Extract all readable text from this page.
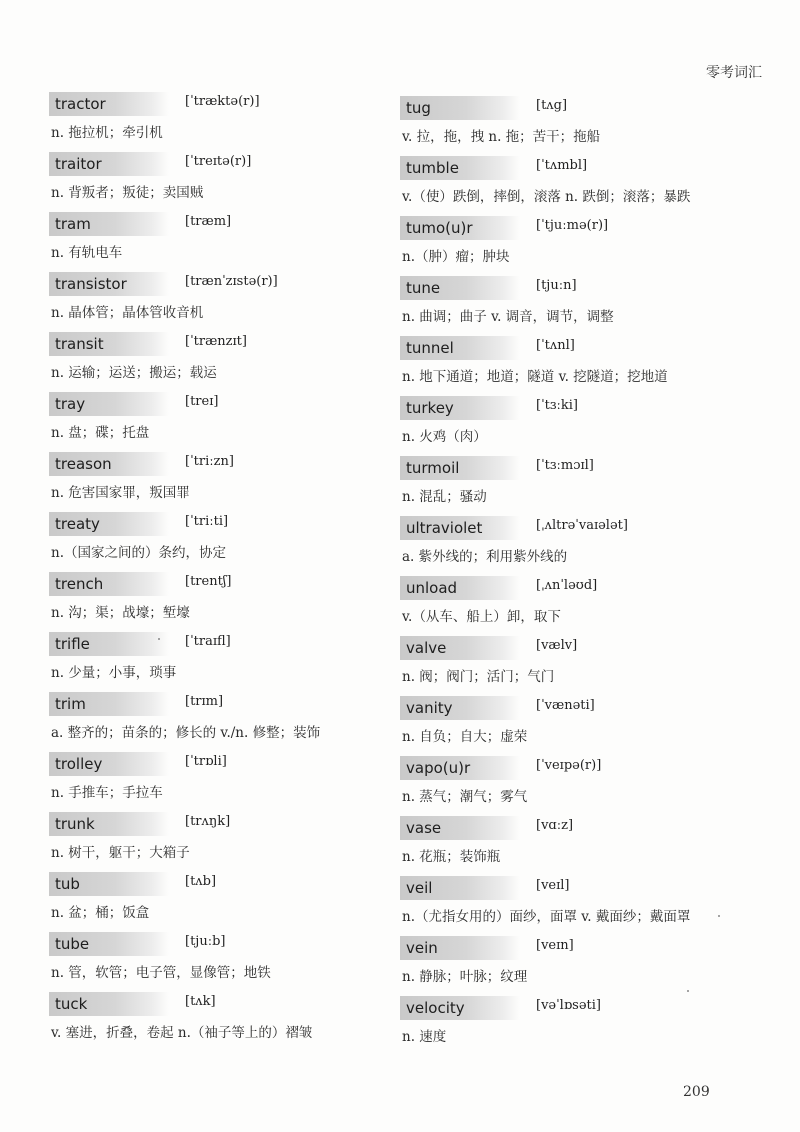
零考词汇
tractor	[ˈtræktə(r)]
n. 拖拉机；牵引机
traitor	[ˈtreɪtə(r)]
n. 背叛者；叛徒；卖国贼
tram	[træm]
n. 有轨电车
transistor	[trænˈzɪstə(r)]
n. 晶体管；晶体管收音机
transit	[ˈtrænzɪt]
n. 运输；运送；搬运；载运
tray	[treɪ]
n. 盘；碟；托盘
treason	[ˈtriːzn]
n. 危害国家罪，叛国罪
treaty	[ˈtriːti]
n.（国家之间的）条约，协定
trench	[trentʃ]
n. 沟；渠；战壕；堑壕
trifle	[ˈtraɪfl]
n. 少量；小事，琐事
trim	[trɪm]
a. 整齐的；苗条的；修长的 v./n. 修整；装饰
trolley	[ˈtrɒli]
n. 手推车；手拉车
trunk	[trʌŋk]
n. 树干，躯干；大箱子
tub	[tʌb]
n. 盆；桶；饭盒
tube	[tjuːb]
n. 管，软管；电子管，显像管；地铁
tuck	[tʌk]
v. 塞进，折叠，卷起 n.（袖子等上的）褶皱
tug	[tʌg]
v. 拉，拖，拽 n. 拖；苦干；拖船
tumble	[ˈtʌmbl]
v.（使）跌倒，摔倒，滚落 n. 跌倒；滚落；暴跌
tumo(u)r	[ˈtjuːmə(r)]
n.（肿）瘤；肿块
tune	[tjuːn]
n. 曲调；曲子 v. 调音，调节，调整
tunnel	[ˈtʌnl]
n. 地下通道；地道；隧道 v. 挖隧道；挖地道
turkey	[ˈtɜːki]
n. 火鸡（肉）
turmoil	[ˈtɜːmɔɪl]
n. 混乱；骚动
ultraviolet	[ˌʌltrəˈvaɪələt]
a. 紫外线的；利用紫外线的
unload	[ˌʌnˈləʊd]
v.（从车、船上）卸，取下
valve	[vælv]
n. 阀；阀门；活门；气门
vanity	[ˈvænəti]
n. 自负；自大；虚荣
vapo(u)r	[ˈveɪpə(r)]
n. 蒸气；潮气；雾气
vase	[vɑːz]
n. 花瓶；装饰瓶
veil	[veɪl]
n.（尤指女用的）面纱，面罩 v. 戴面纱；戴面罩
vein	[veɪn]
n. 静脉；叶脉；纹理
velocity	[vəˈlɒsəti]
n. 速度
209
